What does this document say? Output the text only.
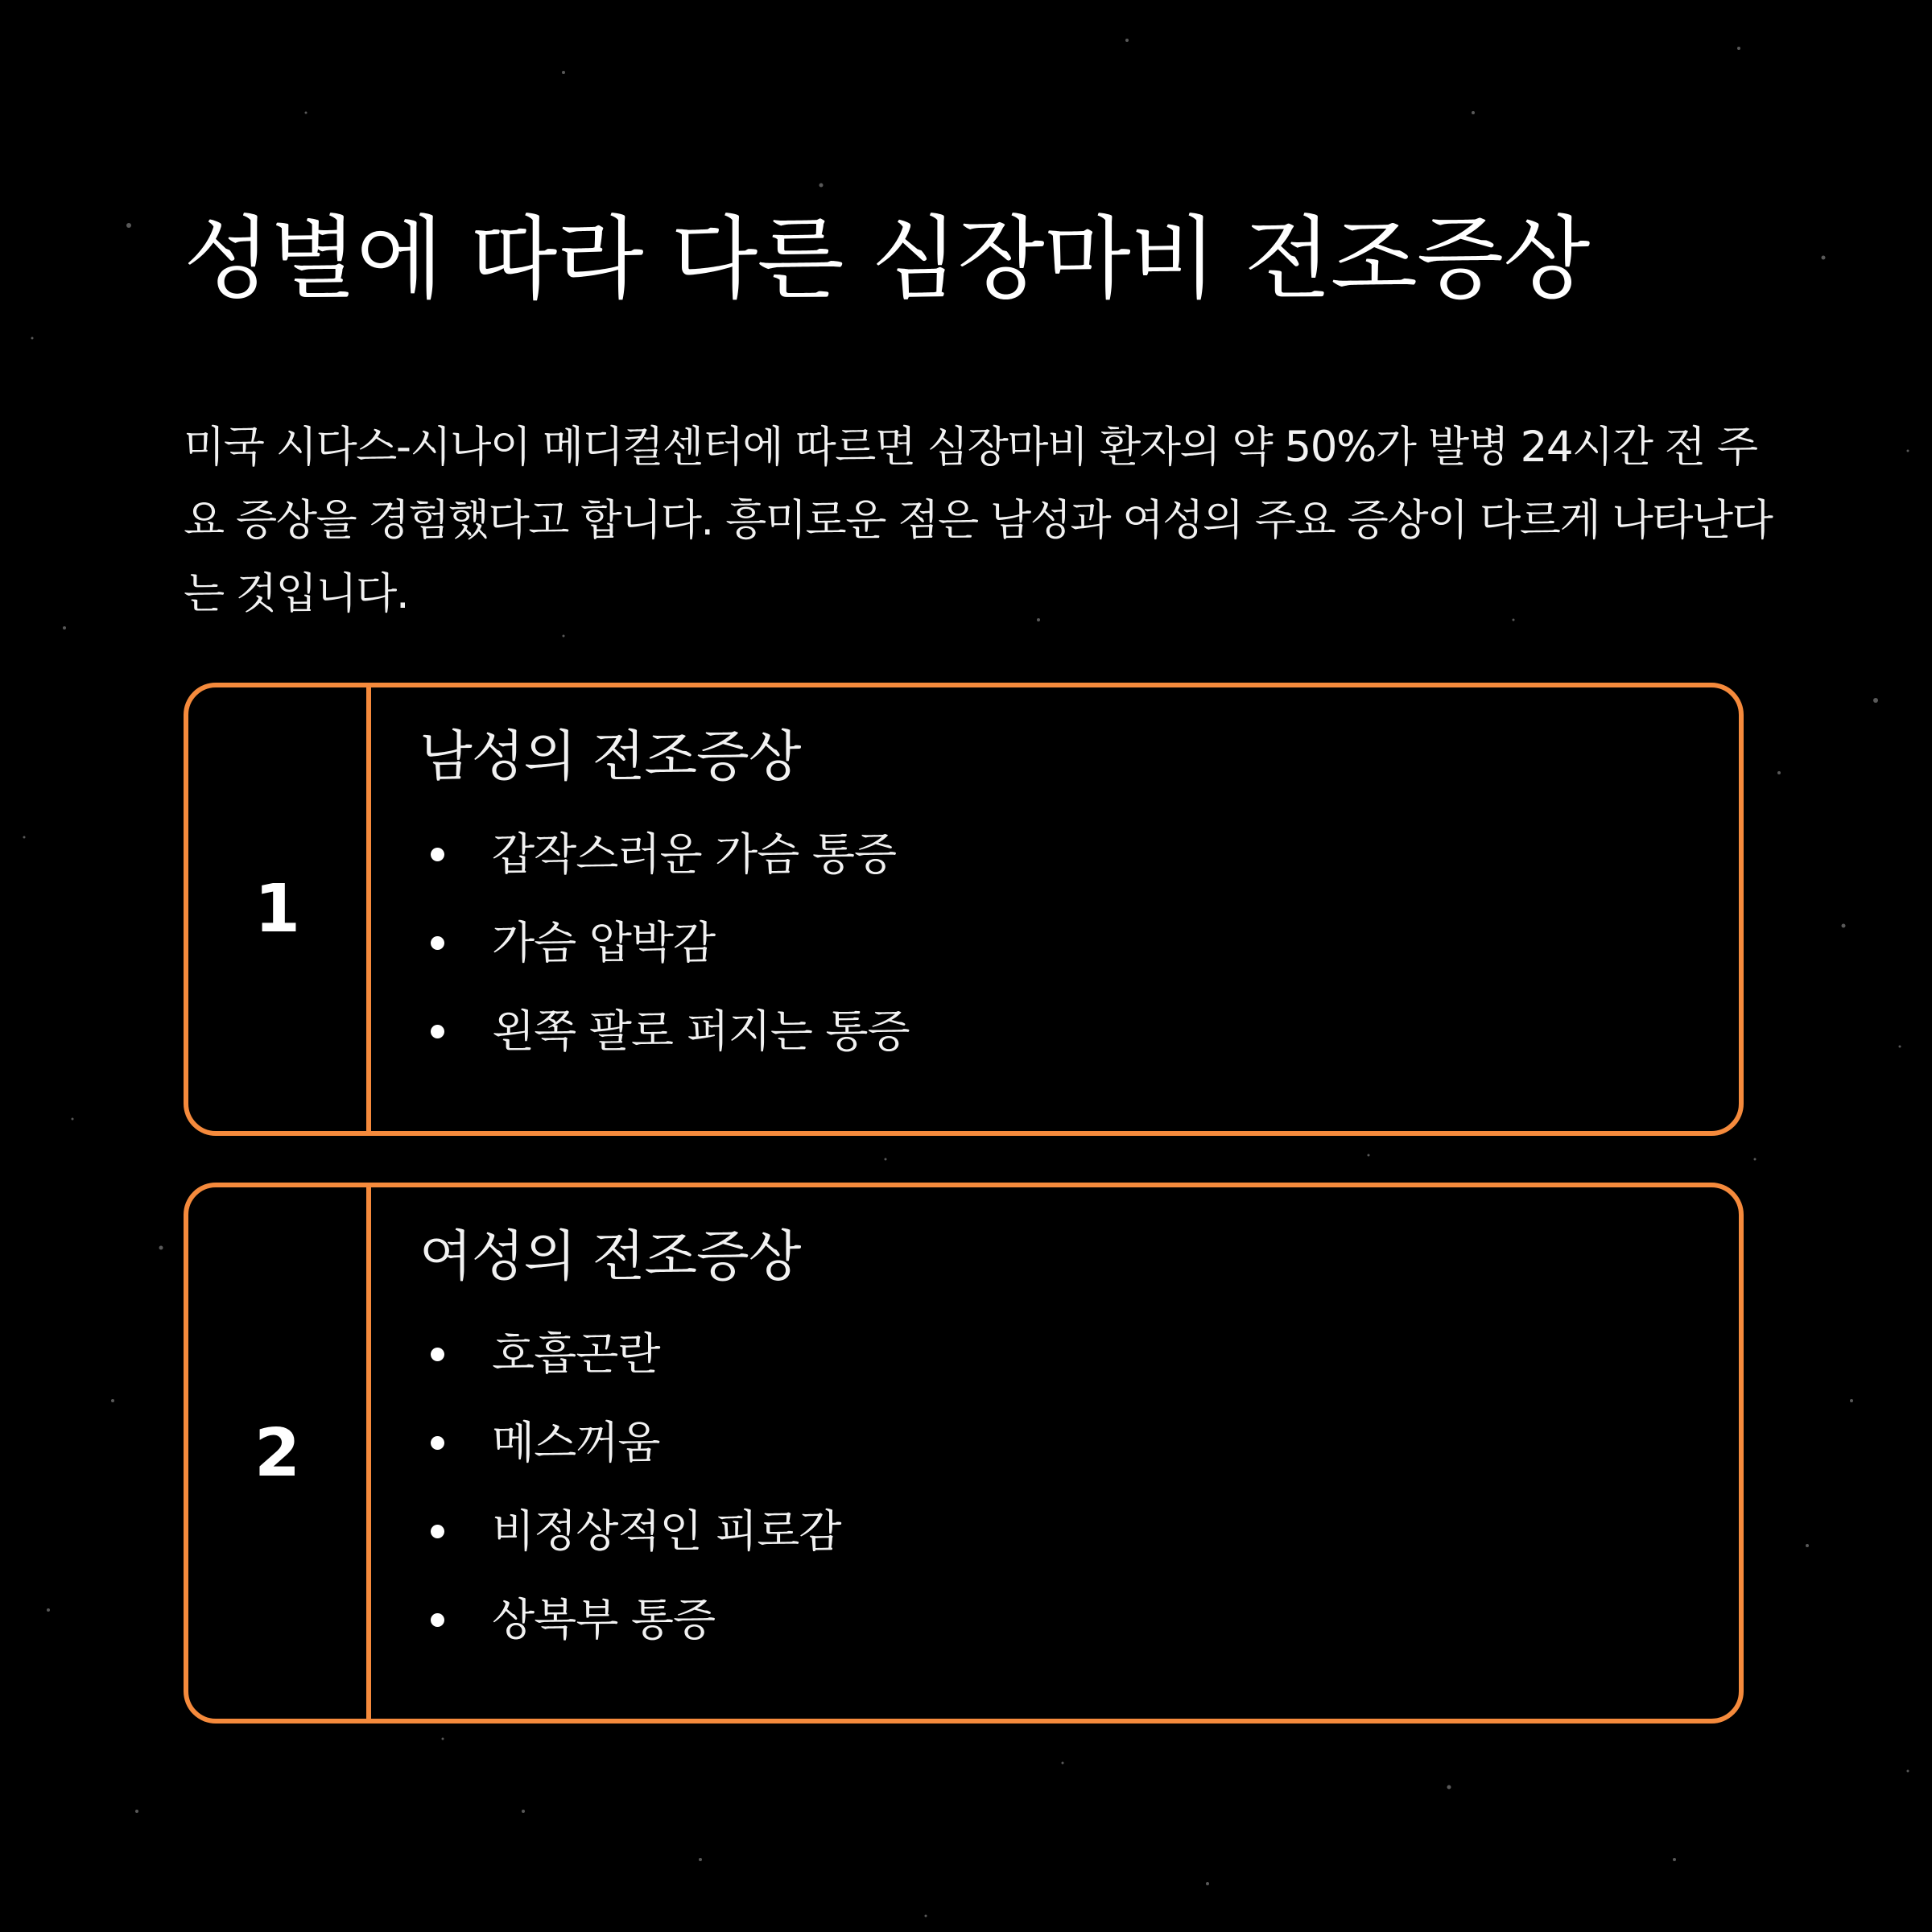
성별에 따라 다른 심장마비 전조증상

미국 시다스-시나이 메디컬센터에 따르면 심장마비 환자의 약 50%가 발병 24시간 전 주요 증상을 경험했다고 합니다. 흥미로운 점은 남성과 여성의 주요 증상이 다르게 나타난다는 것입니다.

1
남성의 전조증상
갑작스러운 가슴 통증
가슴 압박감
왼쪽 팔로 퍼지는 통증
2
여성의 전조증상
호흡곤란
메스꺼움
비정상적인 피로감
상복부 통증
